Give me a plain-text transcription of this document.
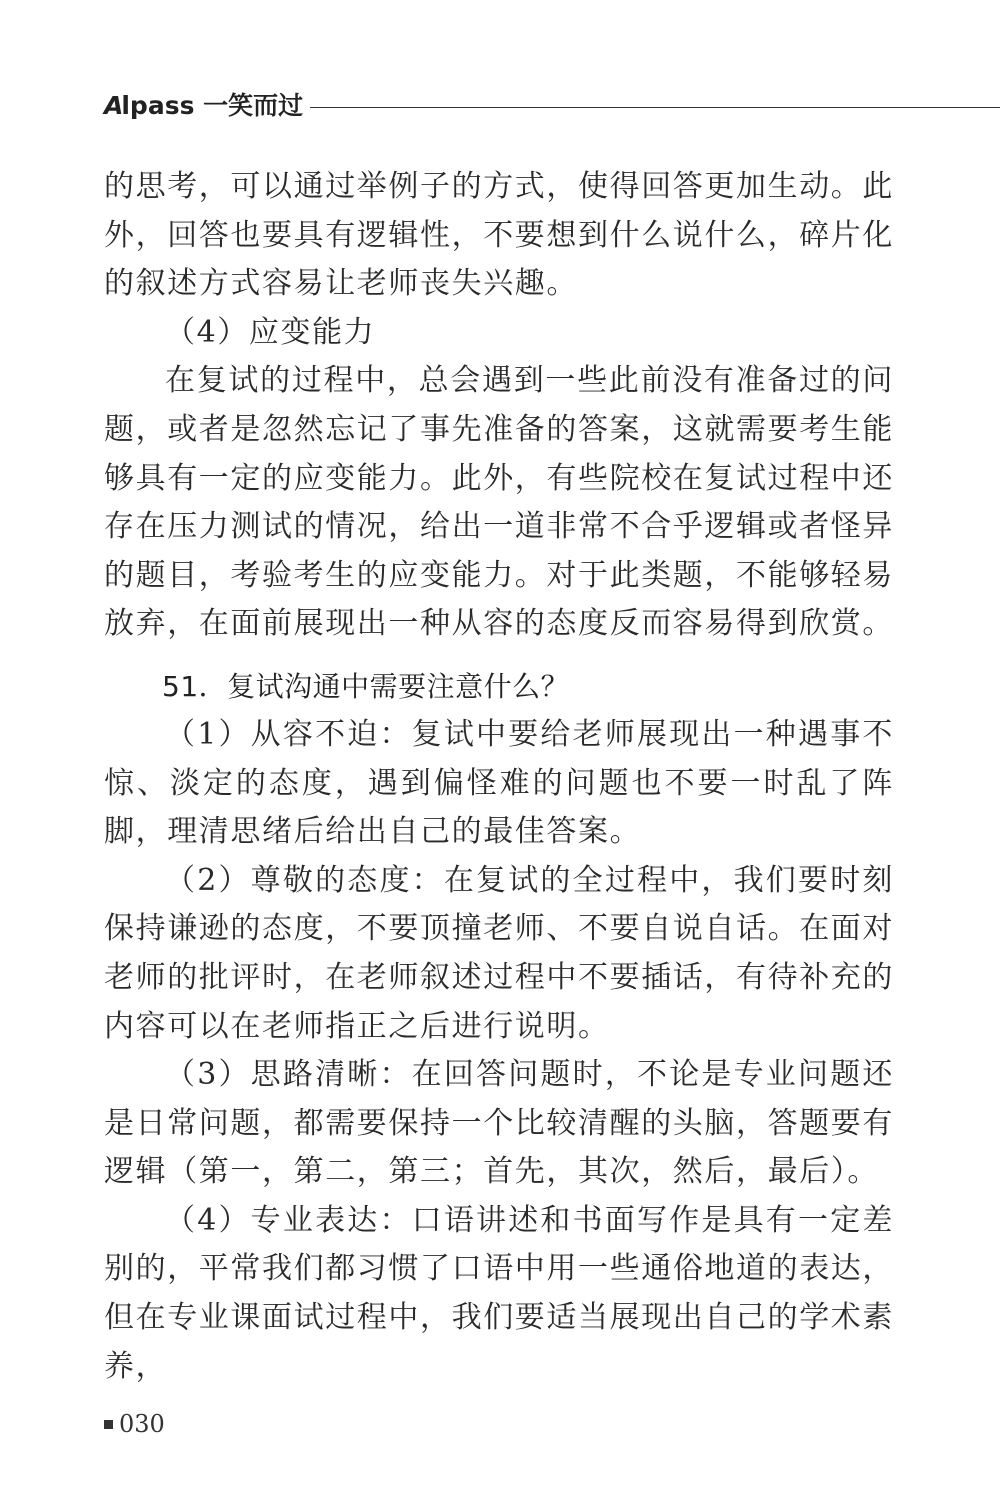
Alpass 一笑而过

的思考，可以通过举例子的方式，使得回答更加生动。此外，回答也要具有逻辑性，不要想到什么说什么，碎片化的叙述方式容易让老师丧失兴趣。

（4）应变能力

在复试的过程中，总会遇到一些此前没有准备过的问题，或者是忽然忘记了事先准备的答案，这就需要考生能够具有一定的应变能力。此外，有些院校在复试过程中还存在压力测试的情况，给出一道非常不合乎逻辑或者怪异的题目，考验考生的应变能力。对于此类题，不能够轻易放弃，在面前展现出一种从容的态度反而容易得到欣赏。

51．复试沟通中需要注意什么？

（1）从容不迫：复试中要给老师展现出一种遇事不惊、淡定的态度，遇到偏怪难的问题也不要一时乱了阵脚，理清思绪后给出自己的最佳答案。

（2）尊敬的态度：在复试的全过程中，我们要时刻保持谦逊的态度，不要顶撞老师、不要自说自话。在面对老师的批评时，在老师叙述过程中不要插话，有待补充的内容可以在老师指正之后进行说明。

（3）思路清晰：在回答问题时，不论是专业问题还是日常问题，都需要保持一个比较清醒的头脑，答题要有逻辑（第一，第二，第三；首先，其次，然后，最后）。

（4）专业表达：口语讲述和书面写作是具有一定差别的，平常我们都习惯了口语中用一些通俗地道的表达，但在专业课面试过程中，我们要适当展现出自己的学术素养，

030
